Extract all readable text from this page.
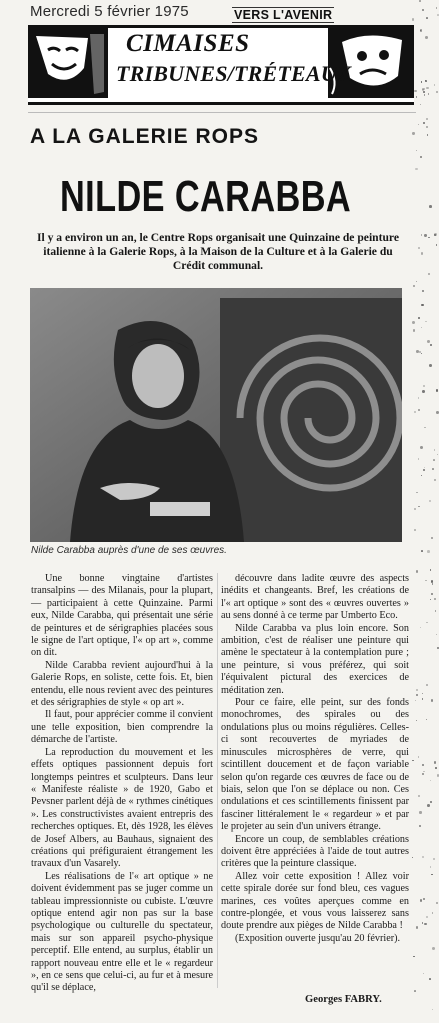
Mercredi 5 février 1975	VERS L'AVENIR
CIMAISES
TRIBUNES/TRÉTEAUX
A LA GALERIE ROPS
NILDE CARABBA
Il y a environ un an, le Centre Rops organisait une Quinzaine de peinture italienne à la Galerie Rops, à la Maison de la Culture et à la Galerie du Crédit communal.
Nilde Carabba auprès d'une de ses œuvres.

Une bonne vingtaine d'artistes transalpins — des Milanais, pour la plupart, — participaient à cette Quinzaine. Parmi eux, Nilde Carabba, qui présentait une série de peintures et de sérigraphies placées sous le signe de l'art optique, l'« op art », comme on dit.

Nilde Carabba revient aujourd'hui à la Galerie Rops, en soliste, cette fois. Et, bien entendu, elle nous revient avec des peintures et des sérigraphies de style « op art ».

Il faut, pour apprécier comme il convient une telle exposition, bien comprendre la démarche de l'artiste.

La reproduction du mouvement et les effets optiques passionnent depuis fort longtemps peintres et sculpteurs. Dans leur « Manifeste réaliste » de 1920, Gabo et Pevsner parlent déjà de « rythmes cinétiques ». Les constructivistes avaient entrepris des recherches optiques. Et, dès 1928, les élèves de Josef Albers, au Bauhaus, signaient des créations qui préfiguraient étrangement les travaux d'un Vasarely.

Les réalisations de l'« art optique » ne doivent évidemment pas se juger comme un tableau impressionniste ou cubiste. L'œuvre optique entend agir non pas sur la base psychologique ou culturelle du spectateur, mais sur son appareil psycho-physique perceptif. Elle entend, au surplus, établir un rapport nouveau entre elle et le « regardeur », en ce sens que celui-ci, au fur et à mesure qu'il se déplace,

découvre dans ladite œuvre des aspects inédits et changeants. Bref, les créations de l'« art optique » sont des « œuvres ouvertes » au sens donné à ce terme par Umberto Eco.

Nilde Carabba va plus loin encore. Son ambition, c'est de réaliser une peinture qui amène le spectateur à la contemplation pure ; une peinture, si vous préférez, qui soit l'équivalent pictural des exercices de méditation zen.

Pour ce faire, elle peint, sur des fonds monochromes, des spirales ou des ondulations plus ou moins régulières. Celles-ci sont recouvertes de myriades de minuscules microsphères de verre, qui scintillent doucement et de façon variable selon qu'on regarde ces œuvres de face ou de biais, selon que l'on se déplace ou non. Ces ondulations et ces scintillements finissent par fasciner littéralement le « regardeur » et par le projeter au sein d'un univers étrange.

Encore un coup, de semblables créations doivent être appréciées à l'aide de tout autres critères que la peinture classique.

Allez voir cette exposition ! Allez voir cette spirale dorée sur fond bleu, ces vagues marines, ces voûtes aperçues comme en contre-plongée, et vous vous laisserez sans doute prendre aux pièges de Nilde Carabba !

(Exposition ouverte jusqu'au 20 février).

Georges FABRY.
